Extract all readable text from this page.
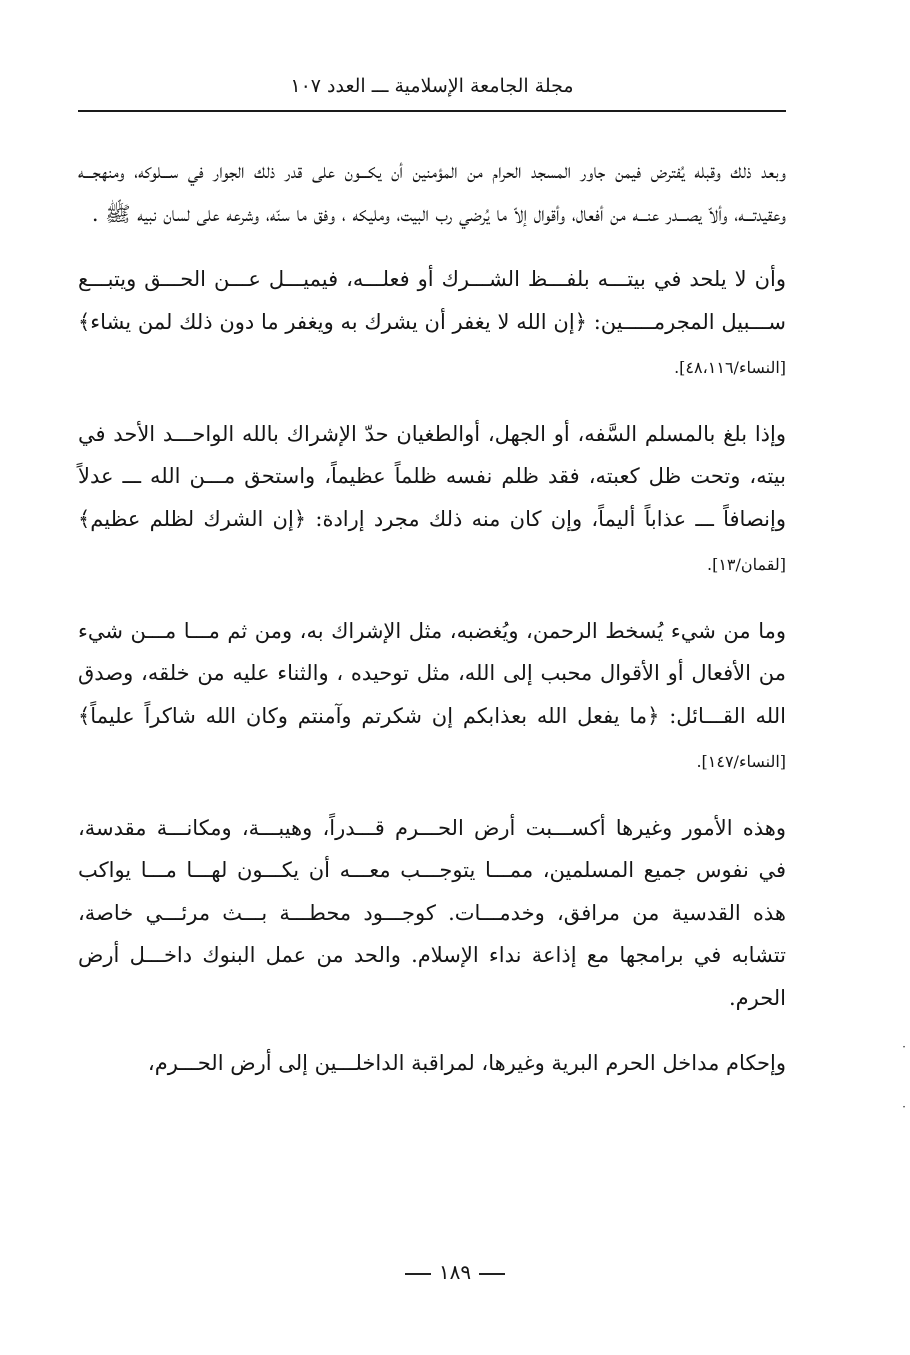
مجلة الجامعة الإسلامية ـــ العدد ١٠٧

وبعد ذلك وقبله يُفترض فيمن جاور المسجد الحرام من المؤمنين أن يكـــون على قدر ذلك الجوار في ســـلوكه، ومنهجـــه وعقيدتـــه، وألاّ يصـــدر عنـــه من أفعال، وأقوال إلاّ ما يُرضي رب البيت، ومليكه ، وفق ما سنّه، وشرعه على لسان نبيه ﷺ .

وأن لا يلحد في بيتـــه بلفـــظ الشـــرك أو فعلـــه، فيميـــل عـــن الحـــق ويتبـــع ســـبيل المجرمـــــين: ﴿إن الله لا يغفر أن يشرك به ويغفر ما دون ذلك لمن يشاء﴾ [النساء/٤٨،١١٦].

وإذا بلغ بالمسلم السَّفه، أو الجهل، أوالطغيان حدّ الإشراك بالله الواحـــد الأحد في بيته، وتحت ظل كعبته، فقد ظلم نفسه ظلماً عظيماً، واستحق مـــن الله ـــ عدلاً وإنصافاً ـــ عذاباً أليماً، وإن كان منه ذلك مجرد إرادة: ﴿إن الشرك لظلم عظيم﴾ [لقمان/١٣].

وما من شيء يُسخط الرحمن، ويُغضبه، مثل الإشراك به، ومن ثم مـــا مـــن شيء من الأفعال أو الأقوال محبب إلى الله، مثل توحيده ، والثناء عليه من خلقه، وصدق الله القـــائل: ﴿ما يفعل الله بعذابكم إن شكرتم وآمنتم وكان الله شاكراً عليماً﴾ [النساء/١٤٧].

وهذه الأمور وغيرها أكســـبت أرض الحـــرم قـــدراً، وهيبـــة، ومكانـــة مقدسة، في نفوس جميع المسلمين، ممـــا يتوجـــب معـــه أن يكـــون لهـــا مـــا يواكب هذه القدسية من مرافق، وخدمـــات. كوجـــود محطـــة بـــث مرئـــي خاصة، تتشابه في برامجها مع إذاعة نداء الإسلام. والحد من عمل البنوك داخـــل أرض الحرم.

وإحكام مداخل الحرم البرية وغيرها، لمراقبة الداخلـــين إلى أرض الحـــرم،

١٨٩
·
·
